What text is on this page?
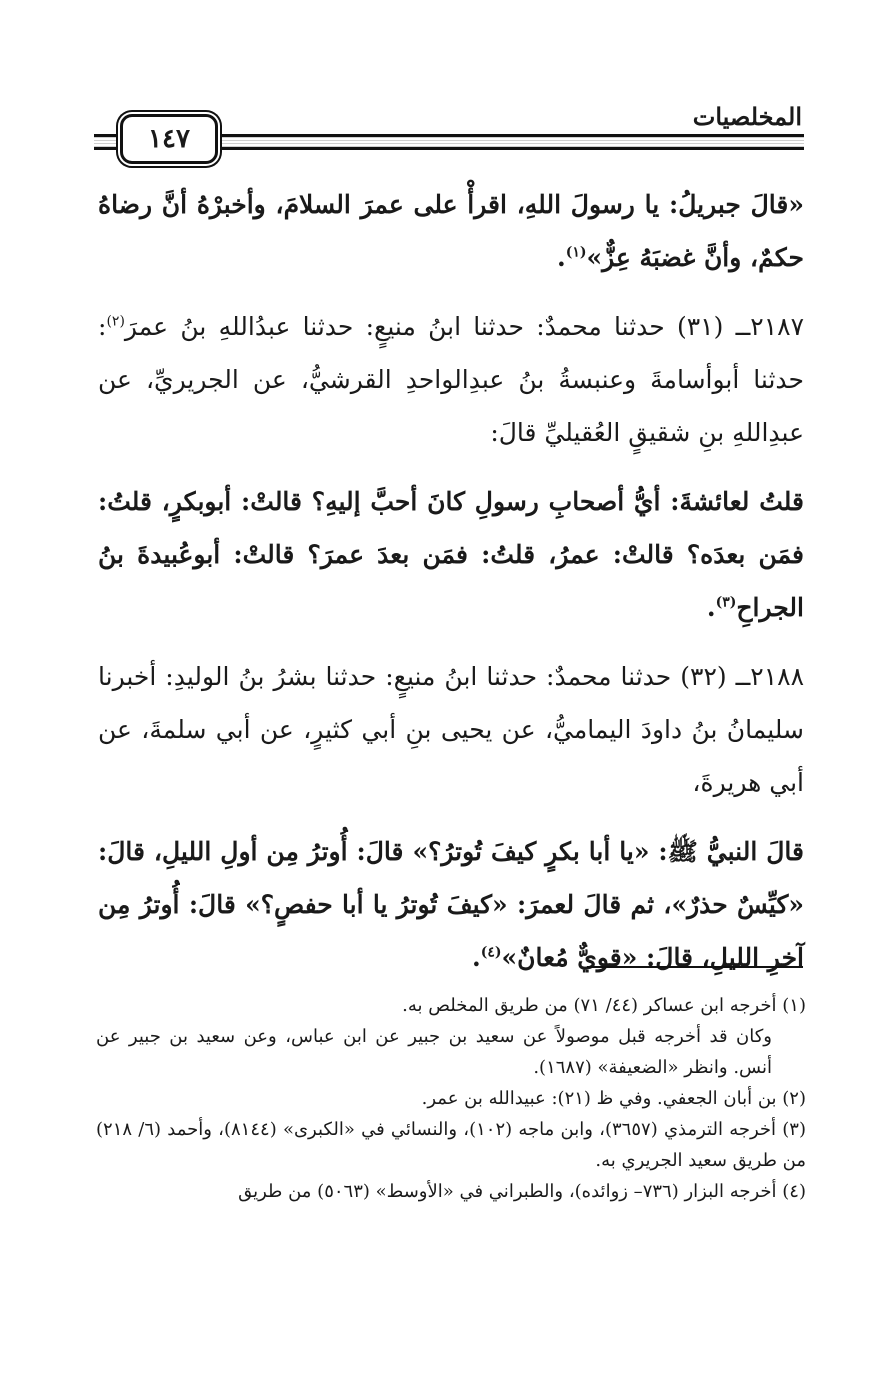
المخلصيات
١٤٧

«قالَ جبريلُ: يا رسولَ اللهِ، اقرأْ على عمرَ السلامَ، وأخبرْهُ أنَّ رضاهُ حكمٌ، وأنَّ غضبَهُ عِزٌّ»$^{(١)}$.

٢١٨٧ــ (٣١) حدثنا محمدٌ: حدثنا ابنُ منيعٍ: حدثنا عبدُاللهِ بنُ عمرَ$^{(٢)}$: حدثنا أبوأسامةَ وعنبسةُ بنُ عبدِالواحدِ القرشيُّ، عن الجريريِّ، عن عبدِاللهِ بنِ شقيقٍ العُقيليِّ قالَ:

قلتُ لعائشةَ: أيُّ أصحابِ رسولِ كانَ أحبَّ إليهِ؟ قالتْ: أبوبكرٍ، قلتُ: فمَن بعدَه؟ قالتْ: عمرُ، قلتُ: فمَن بعدَ عمرَ؟ قالتْ: أبوعُبيدةَ بنُ الجراحِ$^{(٣)}$.

٢١٨٨ــ (٣٢) حدثنا محمدٌ: حدثنا ابنُ منيعٍ: حدثنا بشرُ بنُ الوليدِ: أخبرنا سليمانُ بنُ داودَ اليماميُّ، عن يحيى بنِ أبي كثيرٍ، عن أبي سلمةَ، عن أبي هريرةَ،

قالَ النبيُّ ﷺ: «يا أبا بكرٍ كيفَ تُوترُ؟» قالَ: أُوترُ مِن أولِ الليلِ، قالَ: «كيِّسٌ حذرٌ»، ثم قالَ لعمرَ: «كيفَ تُوترُ يا أبا حفصٍ؟» قالَ: أُوترُ مِن آخرِ الليلِ، قالَ: «قويٌّ مُعانٌ»$^{(٤)}$.

(١) أخرجه ابن عساكر (٤٤/ ٧١) من طريق المخلص به.

وكان قد أخرجه قبل موصولاً عن سعيد بن جبير عن ابن عباس، وعن سعيد بن جبير عن أنس. وانظر «الضعيفة» (١٦٨٧).

(٢) بن أبان الجعفي. وفي ظ (٢١): عبيدالله بن عمر.

(٣) أخرجه الترمذي (٣٦٥٧)، وابن ماجه (١٠٢)، والنسائي في «الكبرى» (٨١٤٤)، وأحمد (٦/ ٢١٨) من طريق سعيد الجريري به.

(٤) أخرجه البزار (٧٣٦– زوائده)، والطبراني في «الأوسط» (٥٠٦٣) من طريق
